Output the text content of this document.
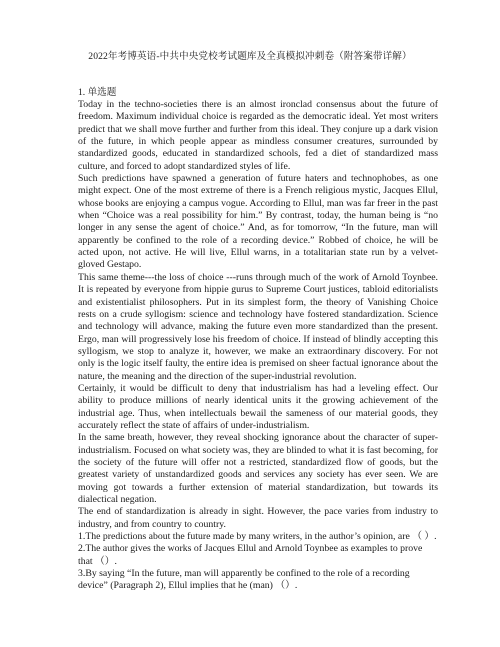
2022年考博英语-中共中央党校考试题库及全真模拟冲刺卷（附答案带详解）
1. 单选题

Today in the techno-societies there is an almost ironclad consensus about the future of freedom. Maximum individual choice is regarded as the democratic ideal. Yet most writers predict that we shall move further and further from this ideal. They conjure up a dark vision of the future, in which people appear as mindless consumer creatures, surrounded by standardized goods, educated in standardized schools, fed a diet of standardized mass culture, and forced to adopt standardized styles of life.

Such predictions have spawned a generation of future haters and technophobes, as one might expect. One of the most extreme of there is a French religious mystic, Jacques Ellul, whose books are enjoying a campus vogue. According to Ellul, man was far freer in the past when “Choice was a real possibility for him.” By contrast, today, the human being is “no longer in any sense the agent of choice.” And, as for tomorrow, “In the future, man will apparently be confined to the role of a recording device.” Robbed of choice, he will be acted upon, not active. He will live, Ellul warns, in a totalitarian state run by a velvet-gloved Gestapo.

This same theme---the loss of choice ---runs through much of the work of Arnold Toynbee. It is repeated by everyone from hippie gurus to Supreme Court justices, tabloid editorialists and existentialist philosophers. Put in its simplest form, the theory of Vanishing Choice rests on a crude syllogism: science and technology have fostered standardization. Science and technology will advance, making the future even more standardized than the present. Ergo, man will progressively lose his freedom of choice. If instead of blindly accepting this syllogism, we stop to analyze it, however, we make an extraordinary discovery. For not only is the logic itself faulty, the entire idea is premised on sheer factual ignorance about the nature, the meaning and the direction of the super-industrial revolution.

Certainly, it would be difficult to deny that industrialism has had a leveling effect. Our ability to produce millions of nearly identical units it the growing achievement of the industrial age. Thus, when intellectuals bewail the sameness of our material goods, they accurately reflect the state of affairs of under-industrialism.

In the same breath, however, they reveal shocking ignorance about the character of super-industrialism. Focused on what society was, they are blinded to what it is fast becoming, for the society of the future will offer not a restricted, standardized flow of goods, but the greatest variety of unstandardized goods and services any society has ever seen. We are moving got towards a further extension of material standardization, but towards its dialectical negation.

The end of standardization is already in sight. However, the pace varies from industry to industry, and from country to country.

1.The predictions about the future made by many writers, in the author’s opinion, are （ ）.

2.The author gives the works of Jacques Ellul and Arnold Toynbee as examples to prove that （）.

3.By saying “In the future, man will apparently be confined to the role of a recording device” (Paragraph 2), Ellul implies that he (man) （）.
